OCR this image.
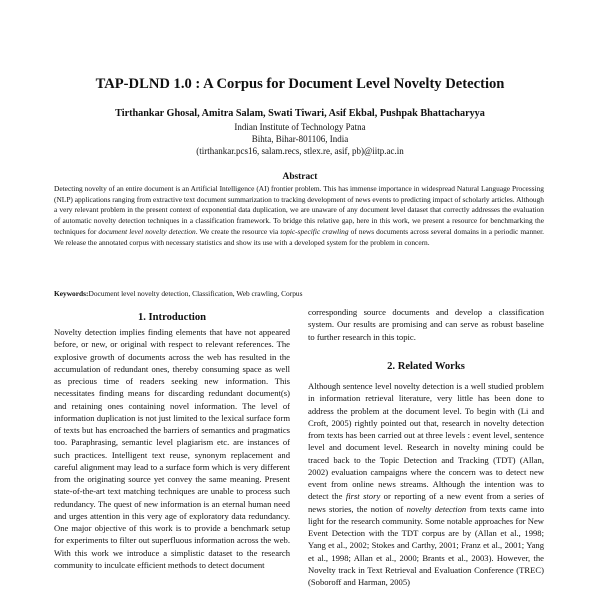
TAP-DLND 1.0 : A Corpus for Document Level Novelty Detection
Tirthankar Ghosal, Amitra Salam, Swati Tiwari, Asif Ekbal, Pushpak Bhattacharyya
Indian Institute of Technology Patna
Bihta, Bihar-801106, India
(tirthankar.pcs16, salam.recs, stlex.re, asif, pb)@iitp.ac.in
Abstract

Detecting novelty of an entire document is an Artificial Intelligence (AI) frontier problem. This has immense importance in widespread Natural Language Processing (NLP) applications ranging from extractive text document summarization to tracking development of news events to predicting impact of scholarly articles. Although a very relevant problem in the present context of exponential data duplication, we are unaware of any document level dataset that correctly addresses the evaluation of automatic novelty detection techniques in a classification framework. To bridge this relative gap, here in this work, we present a resource for benchmarking the techniques for document level novelty detection. We create the resource via topic-specific crawling of news documents across several domains in a periodic manner. We release the annotated corpus with necessary statistics and show its use with a developed system for the problem in concern.

Keywords:Document level novelty detection, Classification, Web crawling, Corpus

1. Introduction

Novelty detection implies finding elements that have not appeared before, or new, or original with respect to relevant references. The explosive growth of documents across the web has resulted in the accumulation of redundant ones, thereby consuming space as well as precious time of readers seeking new information. This necessitates finding means for discarding redundant document(s) and retaining ones containing novel information. The level of information duplication is not just limited to the lexical surface form of texts but has encroached the barriers of semantics and pragmatics too. Paraphrasing, semantic level plagiarism etc. are instances of such practices. Intelligent text reuse, synonym replacement and careful alignment may lead to a surface form which is very different from the originating source yet convey the same meaning. Present state-of-the-art text matching techniques are unable to process such redundancy. The quest of new information is an eternal human need and urges attention in this very age of exploratory data redundancy. One major objective of this work is to provide a benchmark setup for experiments to filter out superfluous information across the web. With this work we introduce a simplistic dataset to the research community to inculcate efficient methods to detect document

corresponding source documents and develop a classification system. Our results are promising and can serve as robust baseline to further research in this topic.

2. Related Works

Although sentence level novelty detection is a well studied problem in information retrieval literature, very little has been done to address the problem at the document level. To begin with (Li and Croft, 2005) rightly pointed out that, research in novelty detection from texts has been carried out at three levels : event level, sentence level and document level. Research in novelty mining could be traced back to the Topic Detection and Tracking (TDT) (Allan, 2002) evaluation campaigns where the concern was to detect new event from online news streams. Although the intention was to detect the first story or reporting of a new event from a series of news stories, the notion of novelty detection from texts came into light for the research community. Some notable approaches for New Event Detection with the TDT corpus are by (Allan et al., 1998; Yang et al., 2002; Stokes and Carthy, 2001; Franz et al., 2001; Yang et al., 1998; Allan et al., 2000; Brants et al., 2003). However, the Novelty track in Text Retrieval and Evaluation Conference (TREC) (Soboroff and Harman, 2005)
